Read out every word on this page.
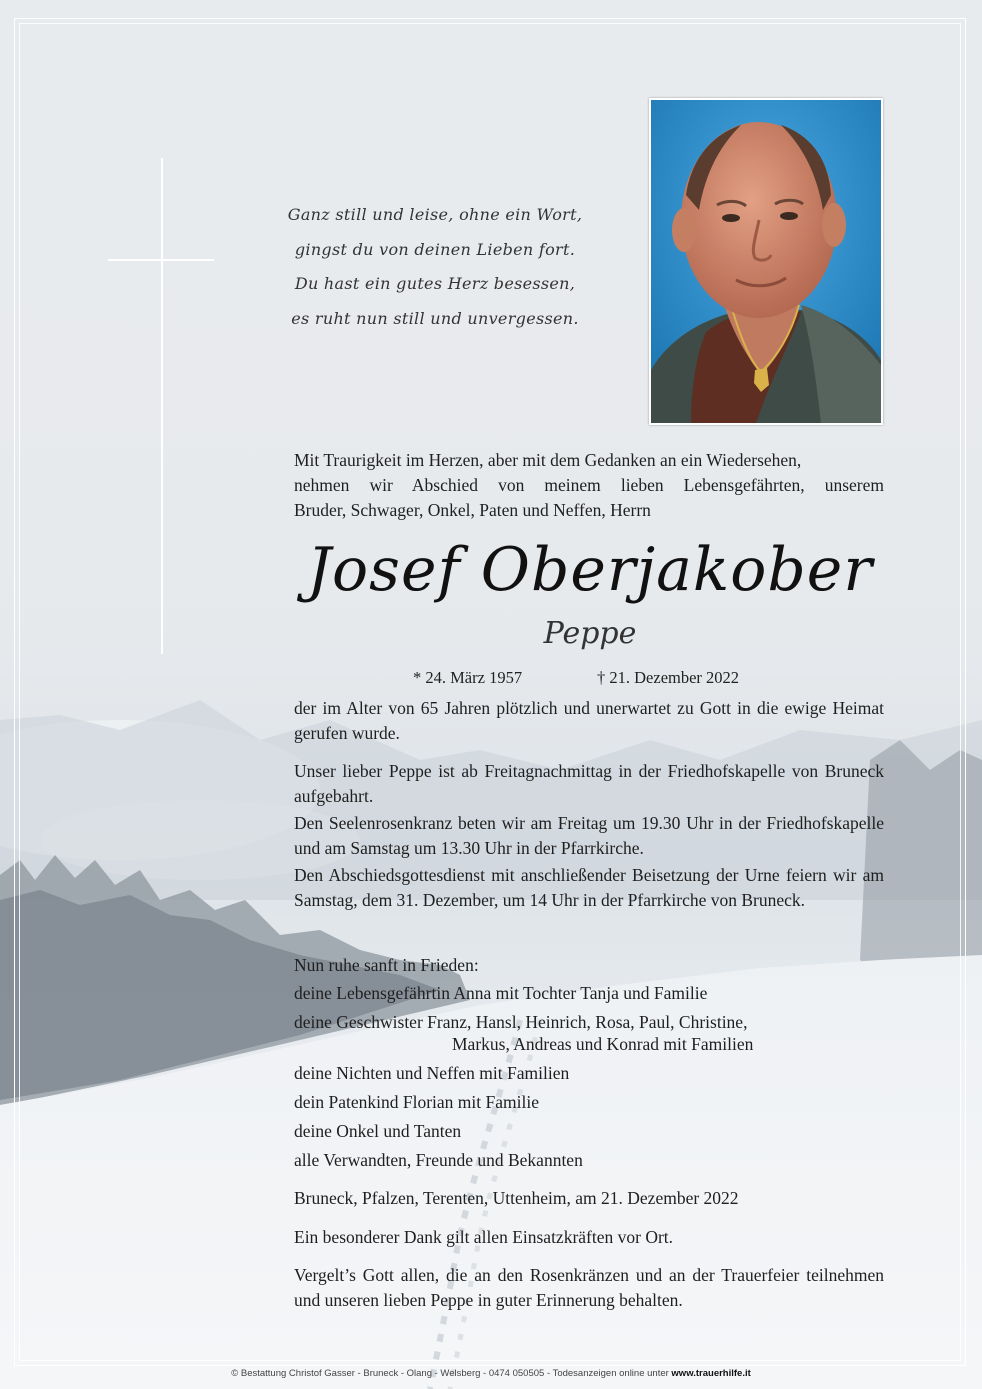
Ganz still und leise, ohne ein Wort,
gingst du von deinen Lieben fort.
Du hast ein gutes Herz besessen,
es ruht nun still und unvergessen.
Mit Traurigkeit im Herzen, aber mit dem Gedanken an ein Wiedersehen,
nehmen wir Abschied von meinem lieben Lebensgefährten, unserem
Bruder, Schwager, Onkel, Paten und Neffen, Herrn
Josef Oberjakober
Peppe
* 24. März 1957	† 21. Dezember 2022
der im Alter von 65 Jahren plötzlich und unerwartet zu Gott in die ewige Heimat gerufen wurde.
Unser lieber Peppe ist ab Freitagnachmittag in der Friedhofskapelle von Bruneck aufgebahrt.
Den Seelenrosenkranz beten wir am Freitag um 19.30 Uhr in der Friedhofskapelle und am Samstag um 13.30 Uhr in der Pfarrkirche.
Den Abschiedsgottesdienst mit anschließender Beisetzung der Urne feiern wir am Samstag, dem 31. Dezember, um 14 Uhr in der Pfarrkirche von Bruneck.
Nun ruhe sanft in Frieden:
deine Lebensgefährtin Anna mit Tochter Tanja und Familie
deine Geschwister Franz, Hansl, Heinrich, Rosa, Paul, Christine,
Markus, Andreas und Konrad mit Familien
deine Nichten und Neffen mit Familien
dein Patenkind Florian mit Familie
deine Onkel und Tanten
alle Verwandten, Freunde und Bekannten
Bruneck, Pfalzen, Terenten, Uttenheim, am 21. Dezember 2022
Ein besonderer Dank gilt allen Einsatzkräften vor Ort.
Vergelt’s Gott allen, die an den Rosenkränzen und an der Trauerfeier teilnehmen und unseren lieben Peppe in guter Erinnerung behalten.
© Bestattung Christof Gasser - Bruneck - Olang - Welsberg - 0474 050505 - Todesanzeigen online unter www.trauerhilfe.it
